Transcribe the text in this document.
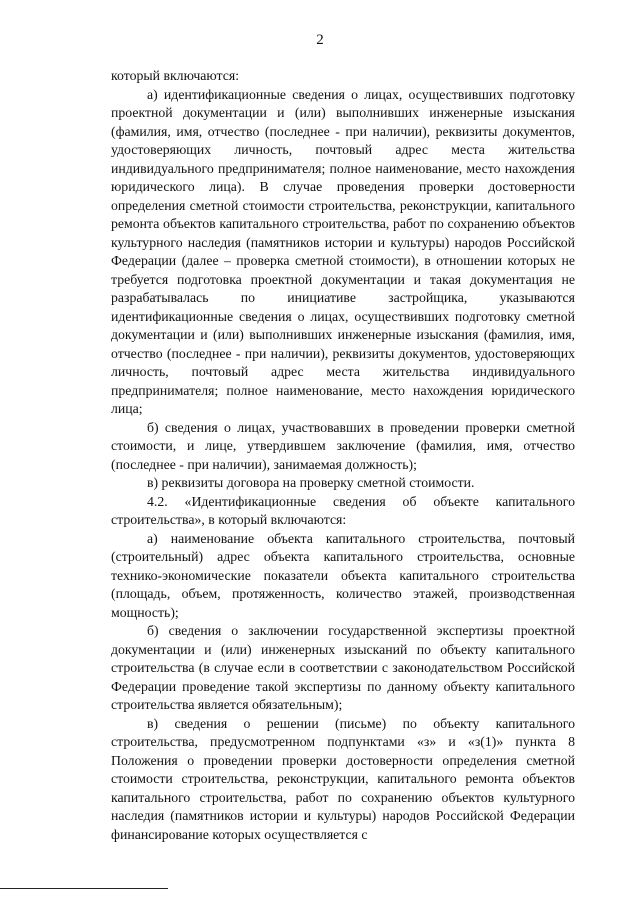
2

который включаются:

а) идентификационные сведения о лицах, осуществивших подготовку проектной документации и (или) выполнивших инженерные изыскания (фамилия, имя, отчество (последнее - при наличии), реквизиты документов, удостоверяющих личность, почтовый адрес места жительства индивидуального предпринимателя; полное наименование, место нахождения юридического лица). В случае проведения проверки достоверности определения сметной стоимости строительства, реконструкции, капитального ремонта объектов капитального строительства, работ по сохранению объектов культурного наследия (памятников истории и культуры) народов Российской Федерации (далее – проверка сметной стоимости), в отношении которых не требуется подготовка проектной документации и такая документация не разрабатывалась по инициативе застройщика, указываются идентификационные сведения о лицах, осуществивших подготовку сметной документации и (или) выполнивших инженерные изыскания (фамилия, имя, отчество (последнее - при наличии), реквизиты документов, удостоверяющих личность, почтовый адрес места жительства индивидуального предпринимателя; полное наименование, место нахождения юридического лица;

б) сведения о лицах, участвовавших в проведении проверки сметной стоимости, и лице, утвердившем заключение (фамилия, имя, отчество (последнее - при наличии), занимаемая должность);

в) реквизиты договора на проверку сметной стоимости.

4.2. «Идентификационные сведения об объекте капитального строительства», в который включаются:

а) наименование объекта капитального строительства, почтовый (строительный) адрес объекта капитального строительства, основные технико-экономические показатели объекта капитального строительства (площадь, объем, протяженность, количество этажей, производственная мощность);

б) сведения о заключении государственной экспертизы проектной документации и (или) инженерных изысканий по объекту капитального строительства (в случае если в соответствии с законодательством Российской Федерации проведение такой экспертизы по данному объекту капитального строительства является обязательным);

в) сведения о решении (письме) по объекту капитального строительства, предусмотренном подпунктами «з» и «з(1)» пункта 8 Положения о проведении проверки достоверности определения сметной стоимости строительства, реконструкции, капитального ремонта объектов капитального строительства, работ по сохранению объектов культурного наследия (памятников истории и культуры) народов Российской Федерации финансирование которых осуществляется с
